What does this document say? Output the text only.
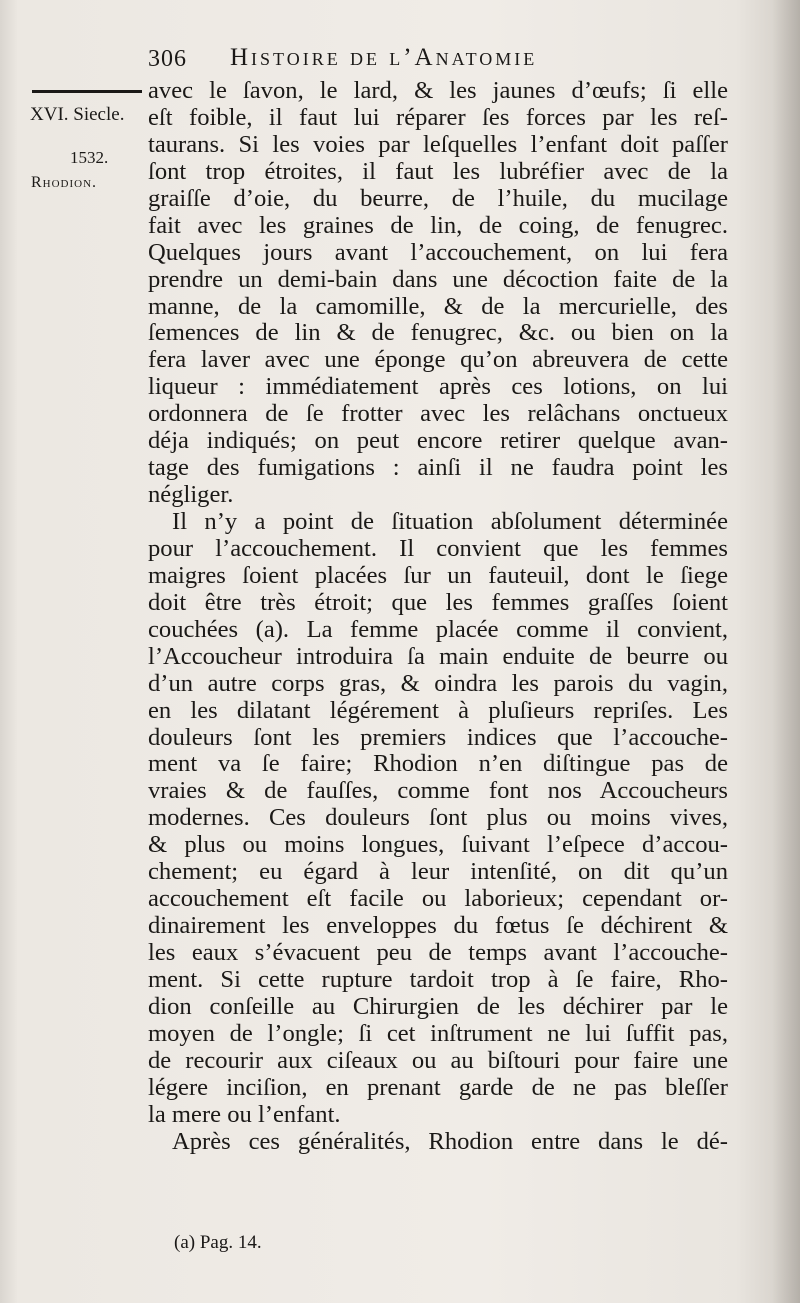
306 Histoire de l’Anatomie
XVI. Siecle.
1532.
Rhodion.
avec le ſavon, le lard, & les jaunes d’œufs; ſi elle
eſt foible, il faut lui réparer ſes forces par les reſ-
taurans. Si les voies par leſquelles l’enfant doit paſſer
ſont trop étroites, il faut les lubréfier avec de la
graiſſe d’oie, du beurre, de l’huile, du mucilage
fait avec les graines de lin, de coing, de fenugrec.
Quelques jours avant l’accouchement, on lui fera
prendre un demi-bain dans une décoction faite de la
manne, de la camomille, & de la mercurielle, des
ſemences de lin & de fenugrec, &c. ou bien on la
fera laver avec une éponge qu’on abreuvera de cette
liqueur : immédiatement après ces lotions, on lui
ordonnera de ſe frotter avec les relâchans onctueux
déja indiqués; on peut encore retirer quelque avan-
tage des fumigations : ainſi il ne faudra point les
négliger.
Il n’y a point de ſituation abſolument déterminée
pour l’accouchement. Il convient que les femmes
maigres ſoient placées ſur un fauteuil, dont le ſiege
doit être très étroit; que les femmes graſſes ſoient
couchées (a). La femme placée comme il convient,
l’Accoucheur introduira ſa main enduite de beurre ou
d’un autre corps gras, & oindra les parois du vagin,
en les dilatant légérement à pluſieurs repriſes. Les
douleurs ſont les premiers indices que l’accouche-
ment va ſe faire; Rhodion n’en diſtingue pas de
vraies & de fauſſes, comme font nos Accoucheurs
modernes. Ces douleurs ſont plus ou moins vives,
& plus ou moins longues, ſuivant l’eſpece d’accou-
chement; eu égard à leur intenſité, on dit qu’un
accouchement eſt facile ou laborieux; cependant or-
dinairement les enveloppes du fœtus ſe déchirent &
les eaux s’évacuent peu de temps avant l’accouche-
ment. Si cette rupture tardoit trop à ſe faire, Rho-
dion conſeille au Chirurgien de les déchirer par le
moyen de l’ongle; ſi cet inſtrument ne lui ſuffit pas,
de recourir aux ciſeaux ou au biſtouri pour faire une
légere inciſion, en prenant garde de ne pas bleſſer
la mere ou l’enfant.
Après ces généralités, Rhodion entre dans le dé-
(a) Pag. 14.
